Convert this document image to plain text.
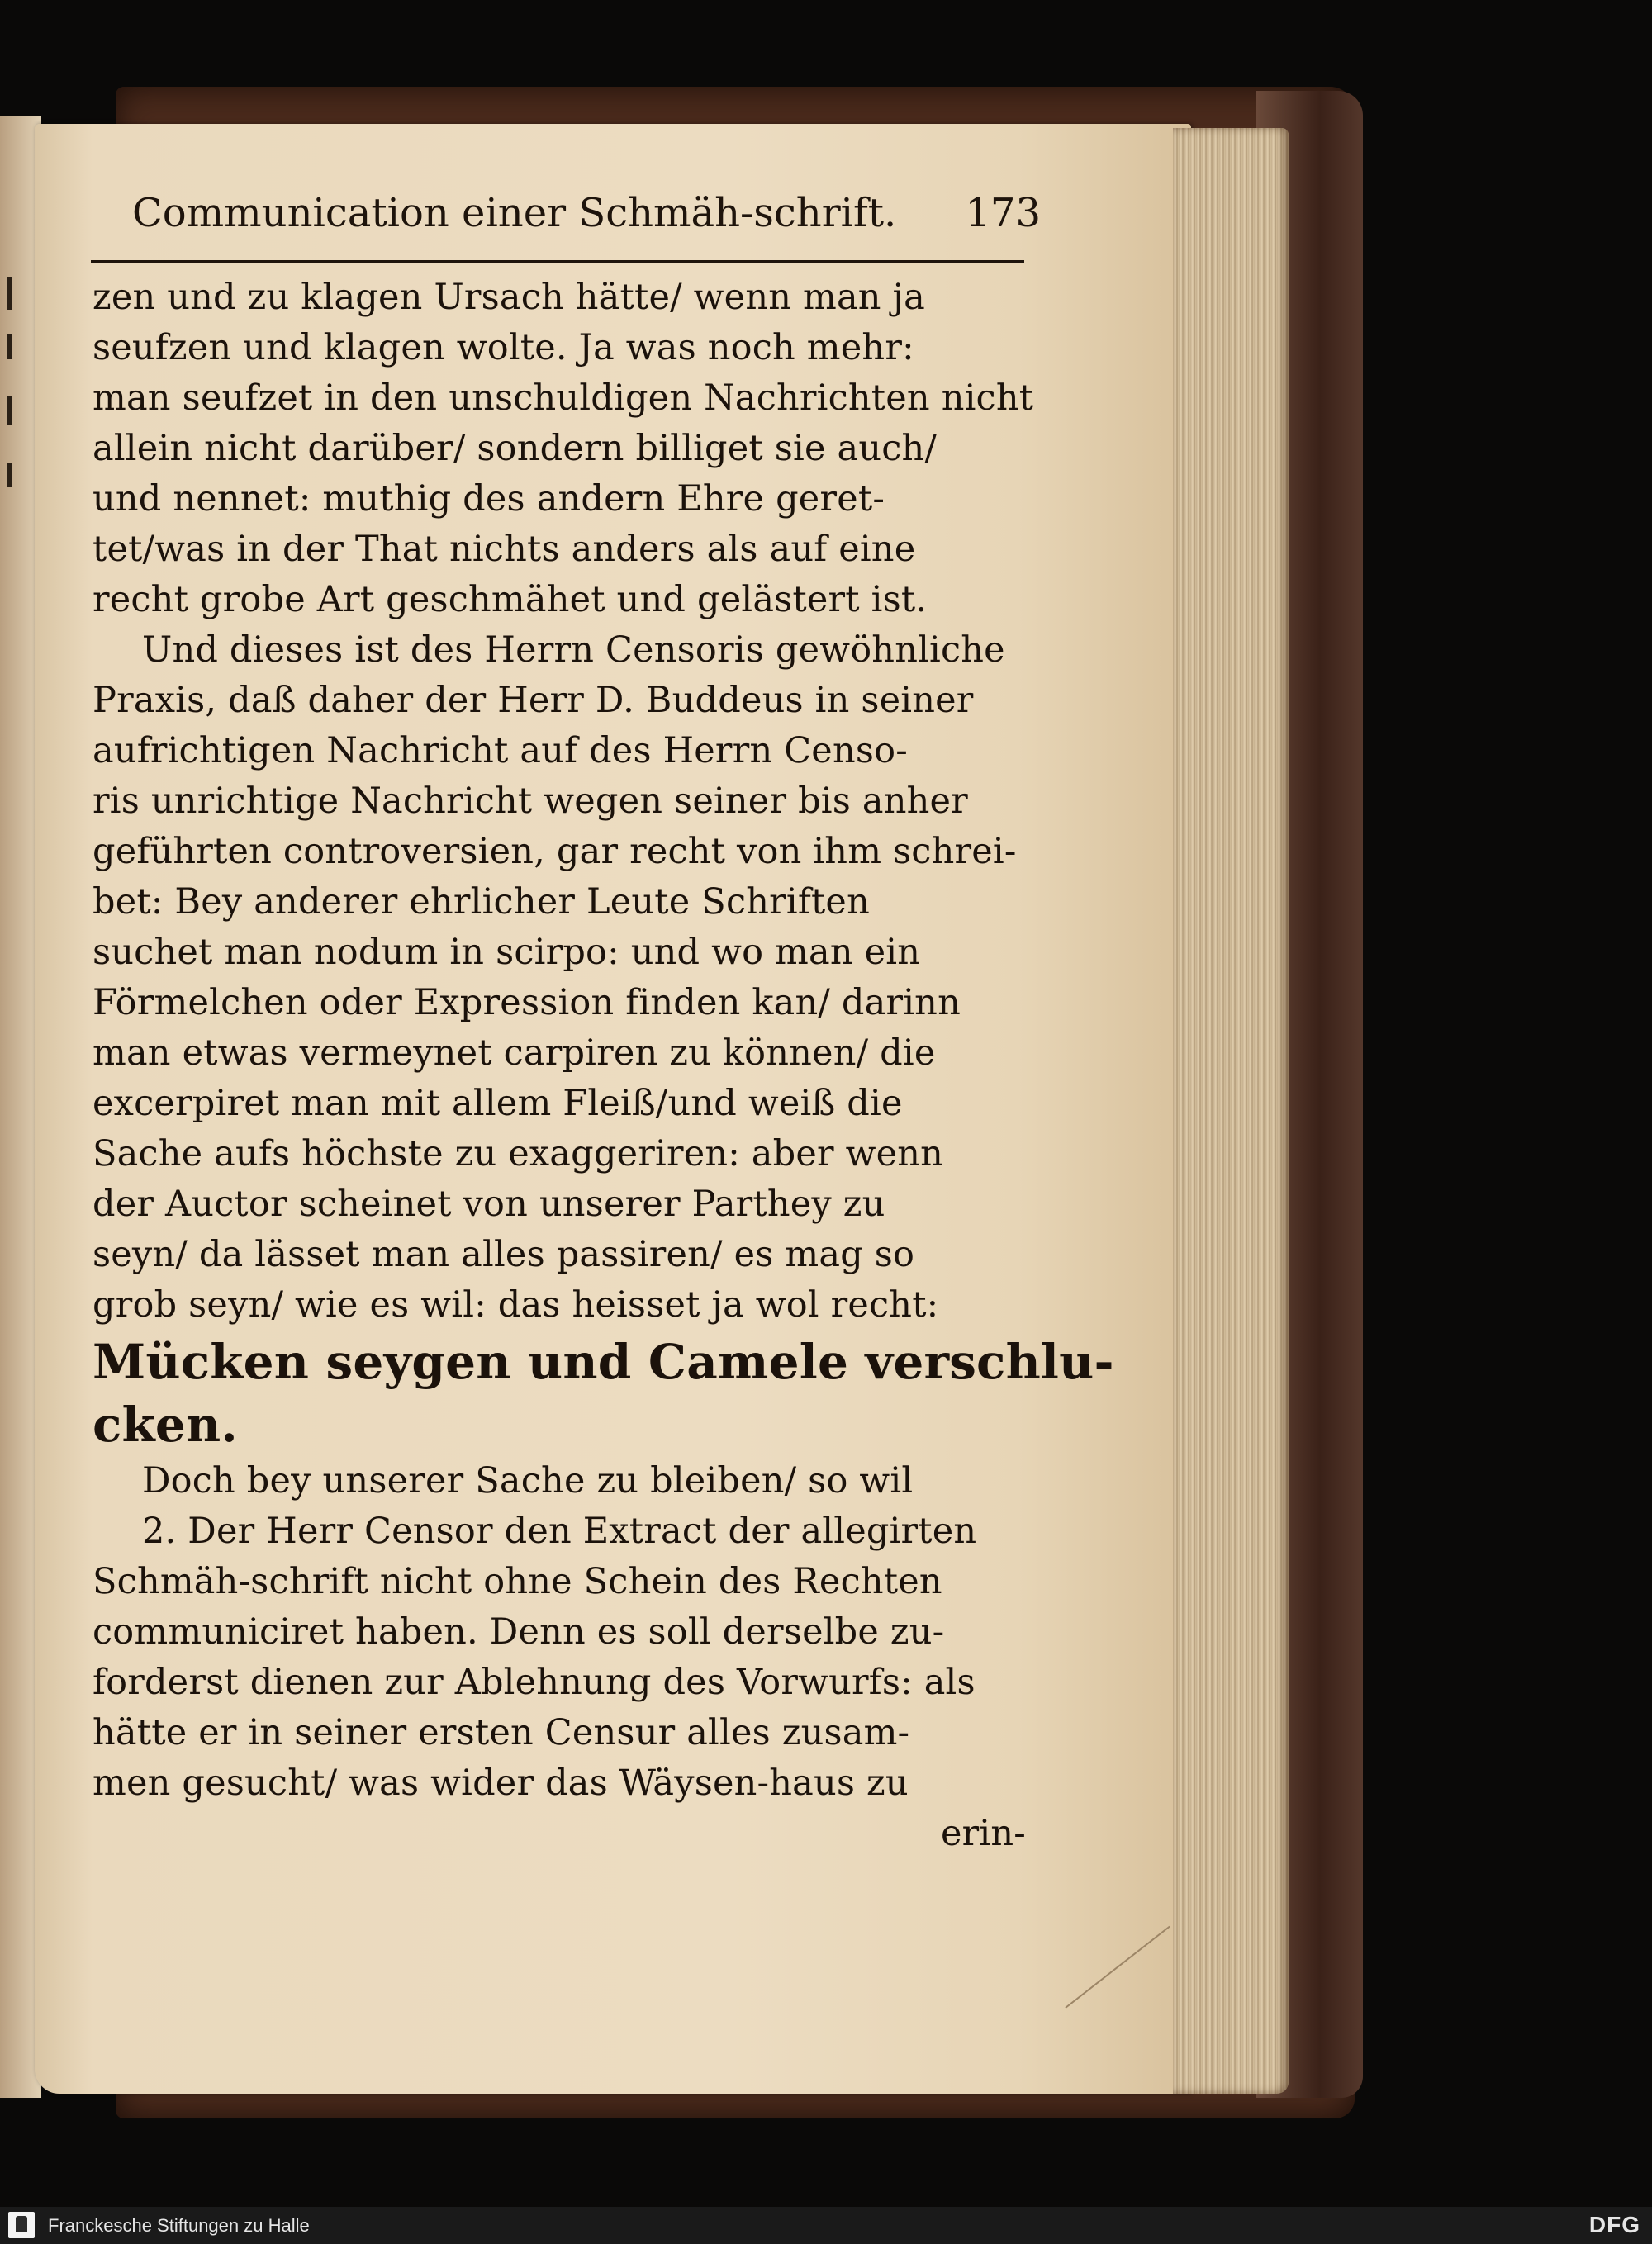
Communication einer Schmäh-schrift. 173
zen und zu klagen Ursach hätte/ wenn man ja
seufzen und klagen wolte. Ja was noch mehr:
man seufzet in den unschuldigen Nachrichten nicht
allein nicht darüber/ sondern billiget sie auch/
und nennet: muthig des andern Ehre geret-
tet/was in der That nichts anders als auf eine
recht grobe Art geschmähet und gelästert ist.
Und dieses ist des Herrn Censoris gewöhnliche
Praxis, daß daher der Herr D. Buddeus in seiner
aufrichtigen Nachricht auf des Herrn Censo-
ris unrichtige Nachricht wegen seiner bis anher
geführten controversien, gar recht von ihm schrei-
bet: Bey anderer ehrlicher Leute Schriften
suchet man nodum in scirpo: und wo man ein
Förmelchen oder Expression finden kan/ darinn
man etwas vermeynet carpiren zu können/ die
excerpiret man mit allem Fleiß/und weiß die
Sache aufs höchste zu exaggeriren: aber wenn
der Auctor scheinet von unserer Parthey zu
seyn/ da lässet man alles passiren/ es mag so
grob seyn/ wie es wil: das heisset ja wol recht:
Mücken seygen und Camele verschlu-
cken.
Doch bey unserer Sache zu bleiben/ so wil
2. Der Herr Censor den Extract der allegirten
Schmäh-schrift nicht ohne Schein des Rechten
communiciret haben. Denn es soll derselbe zu-
forderst dienen zur Ablehnung des Vorwurfs: als
hätte er in seiner ersten Censur alles zusam-
men gesucht/ was wider das Wäysen-haus zu
erin-
Franckesche Stiftungen zu Halle	DFG
